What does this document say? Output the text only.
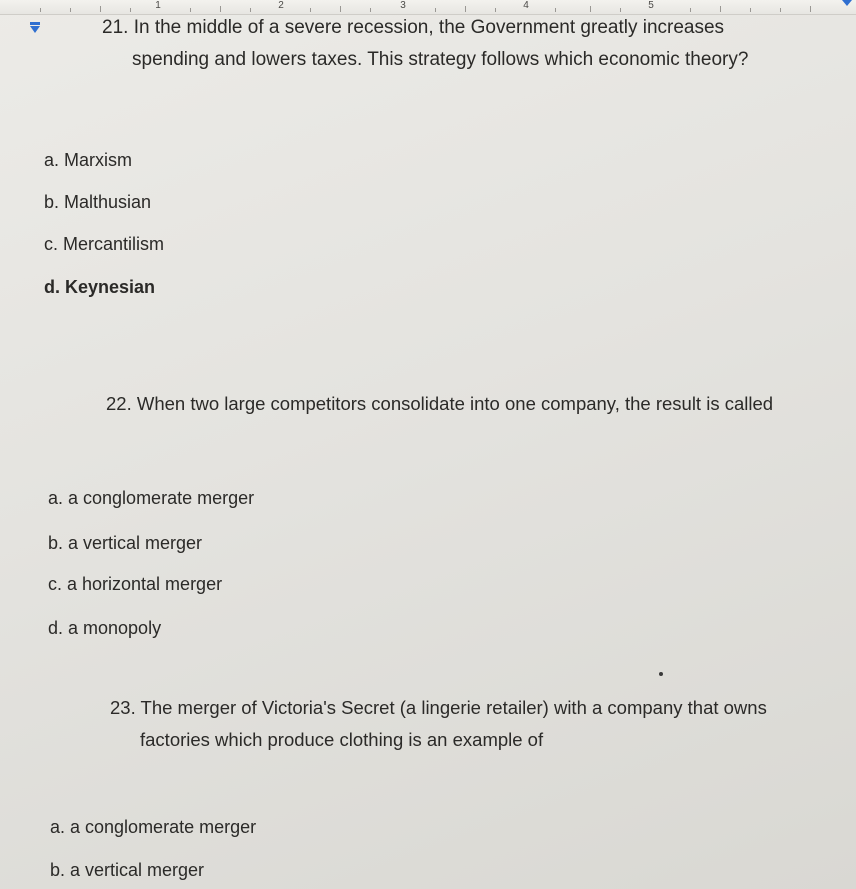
1	2	3	4	5
21. In the middle of a severe recession, the Government greatly increases
spending and lowers taxes. This strategy follows which economic theory?
a. Marxism
b. Malthusian
c. Mercantilism
d. Keynesian
22. When two large competitors consolidate into one company, the result is called
a. a conglomerate merger
b. a vertical merger
c. a horizontal merger
d. a monopoly
23. The merger of Victoria's Secret (a lingerie retailer) with a company that owns
factories which produce clothing is an example of
a. a conglomerate merger
b. a vertical merger
